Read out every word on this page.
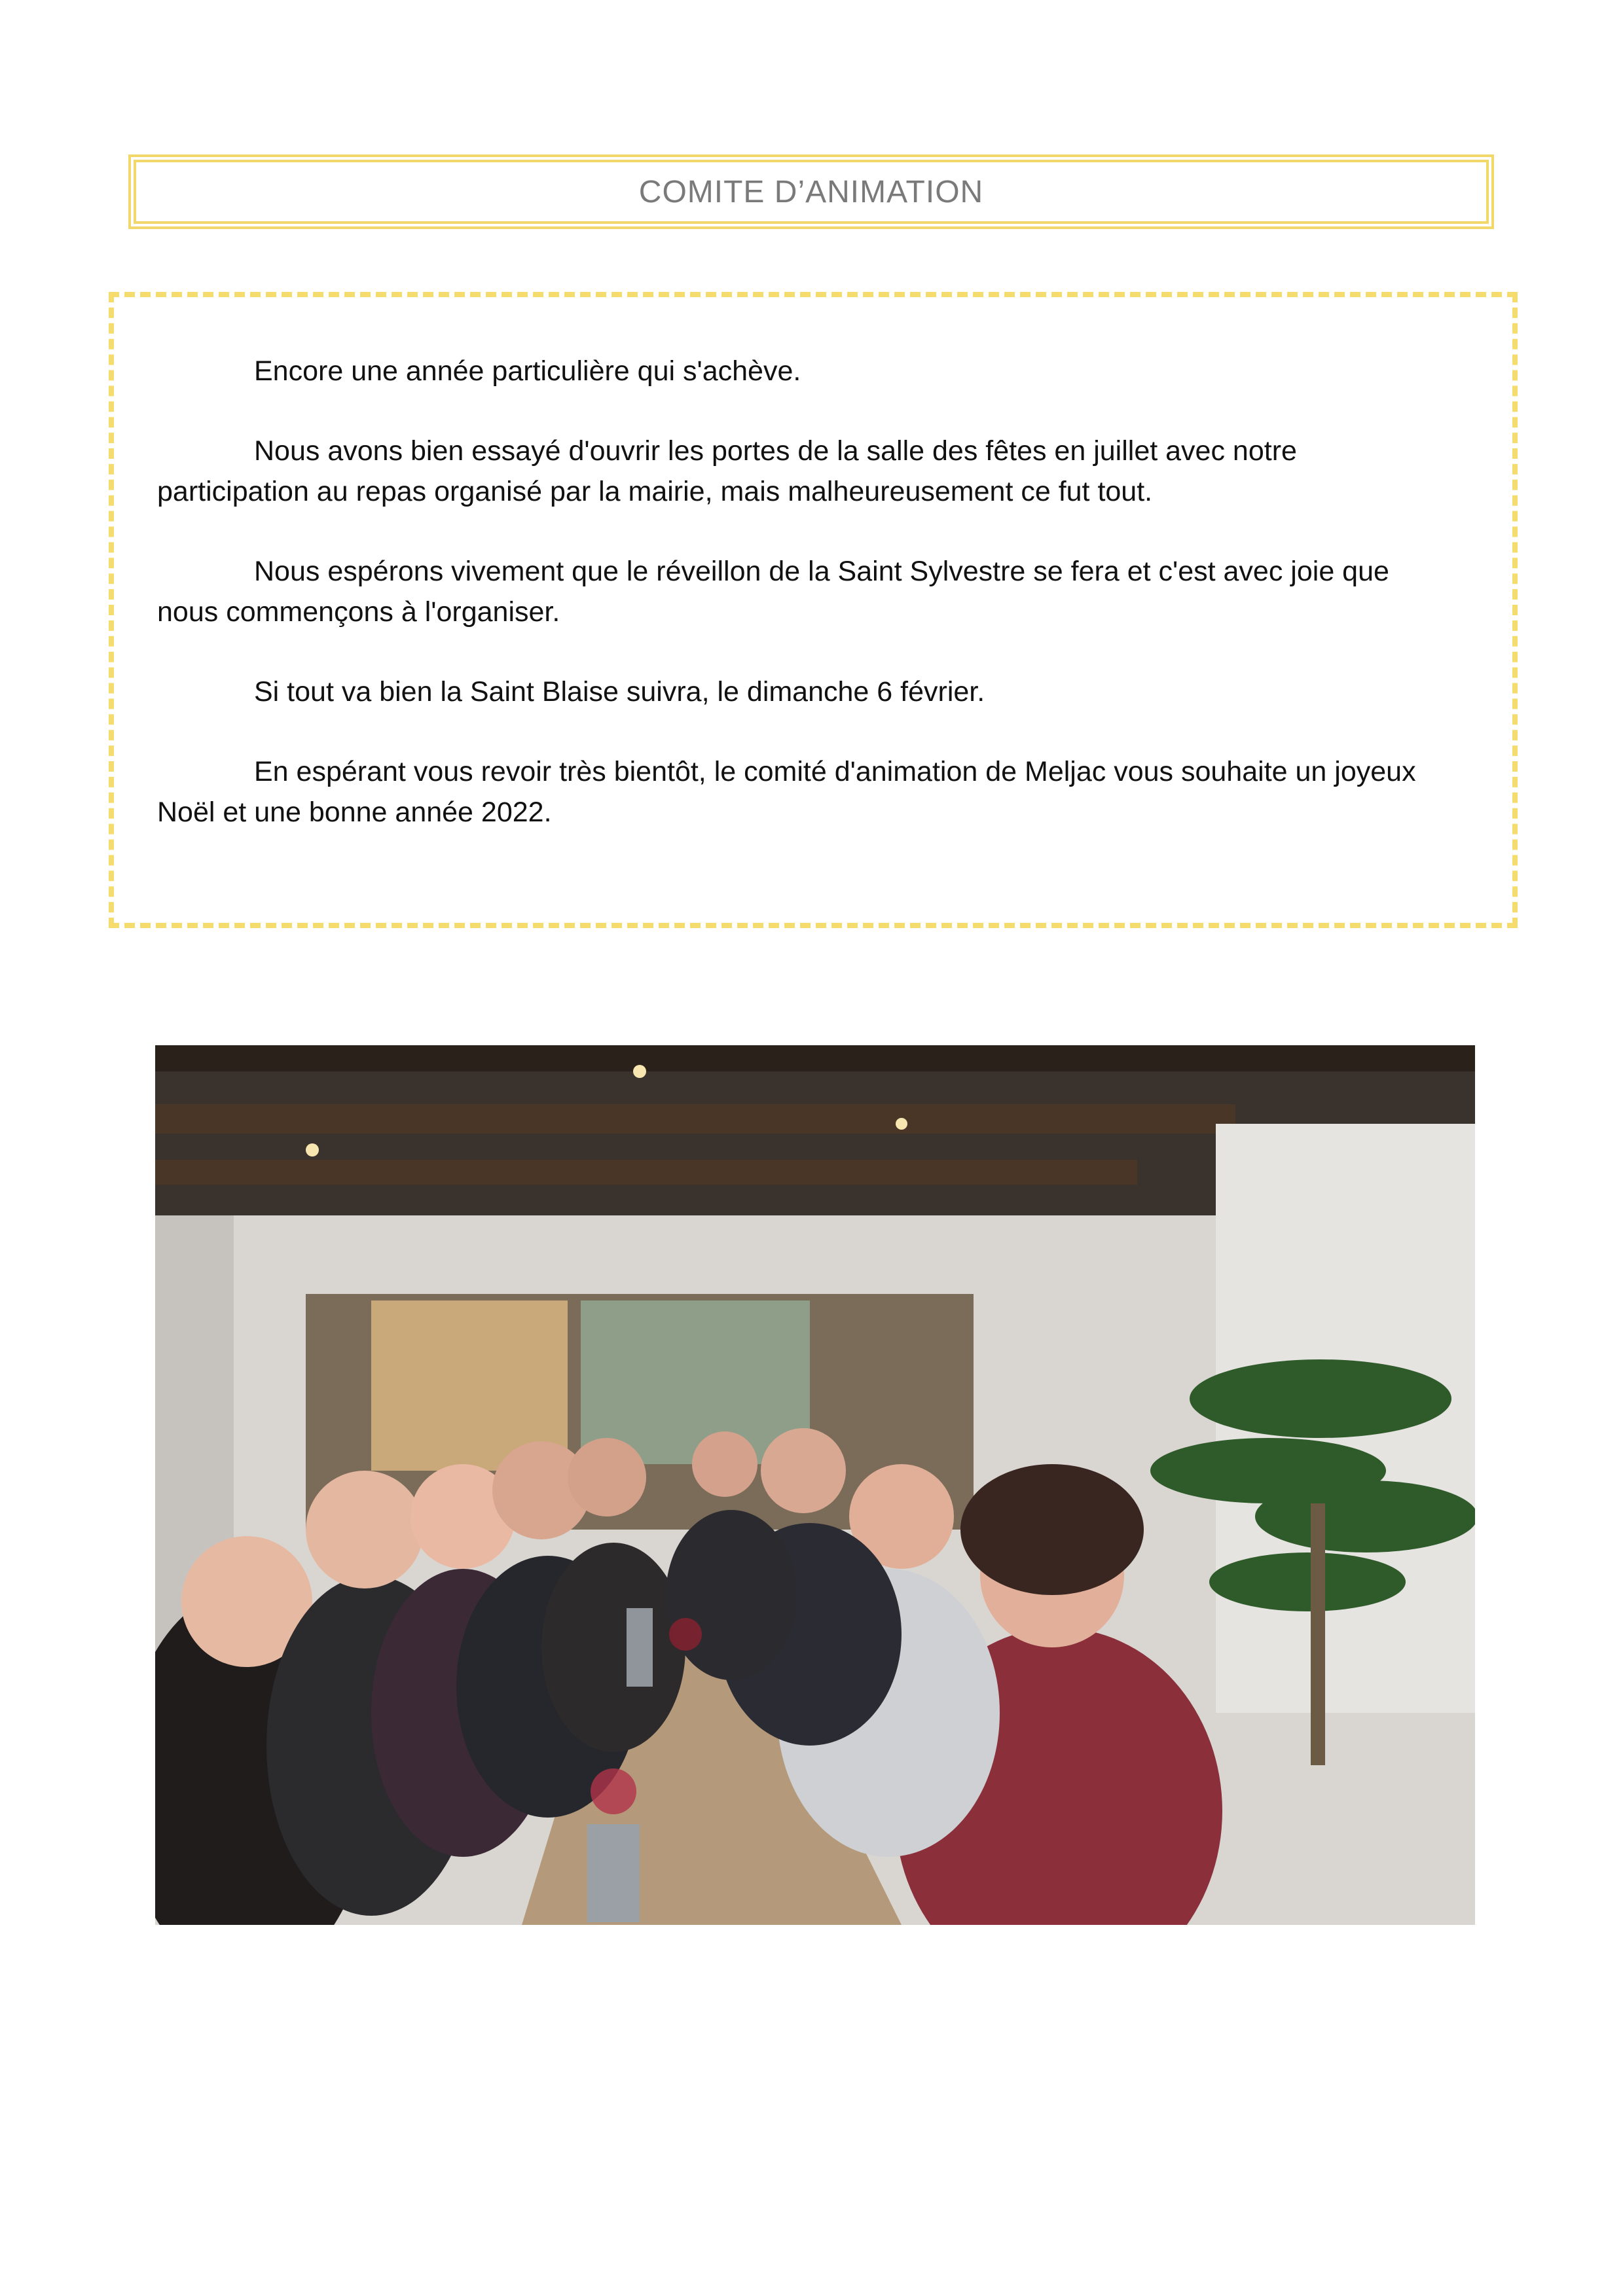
COMITE D’ANIMATION

Encore une année particulière qui s'achève.

Nous avons bien essayé d'ouvrir les portes de la salle des fêtes en juillet avec notre participation au repas organisé par la mairie, mais malheureusement ce fut tout.

Nous espérons vivement que le réveillon de la Saint Sylvestre se fera et c'est avec joie que nous commençons à l'organiser.

Si tout va bien la Saint Blaise suivra, le dimanche 6 février.

En espérant vous revoir très bientôt, le comité d'animation de Meljac vous souhaite un joyeux Noël et une bonne année 2022.
